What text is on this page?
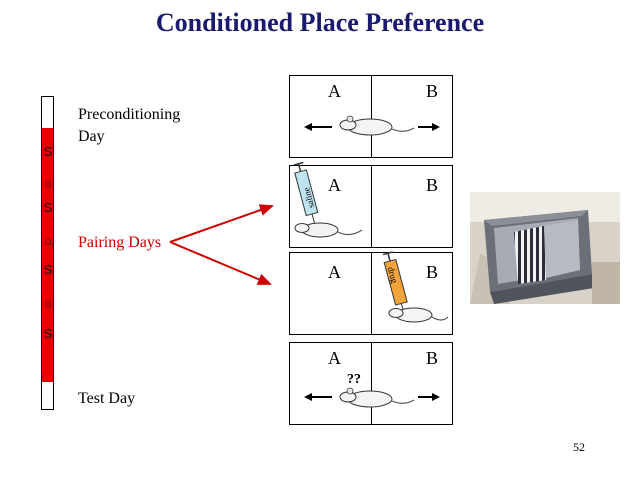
Conditioned Place Preference
S
○
S
○
S
○
S
Preconditioning Day
Pairing Days
Test Day
A	B
A	B
saline
A	B
drug
A	B
??
52
